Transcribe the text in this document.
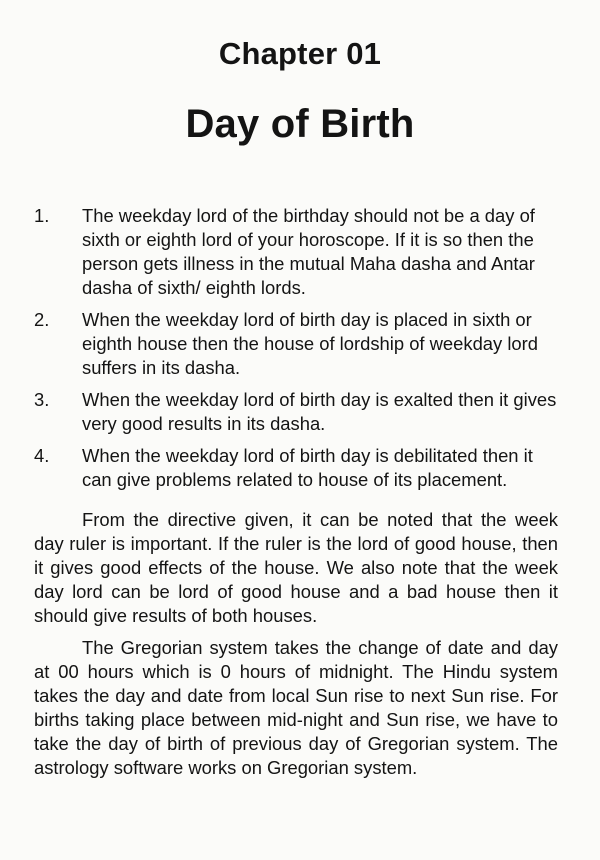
Chapter 01
Day of Birth
1. The weekday lord of the birthday should not be a day of sixth or eighth lord of your horoscope. If it is so then the person gets illness in the mutual Maha dasha and Antar dasha of sixth/ eighth lords.
2. When the weekday lord of birth day is placed in sixth or eighth house then the house of lordship of weekday lord suffers in its dasha.
3. When the weekday lord of birth day is exalted then it gives very good results in its dasha.
4. When the weekday lord of birth day is debilitated then it can give problems related to house of its placement.

From the directive given, it can be noted that the week day ruler is important. If the ruler is the lord of good house, then it gives good effects of the house. We also note that the week day lord can be lord of good house and a bad house then it should give results of both houses.

The Gregorian system takes the change of date and day at 00 hours which is 0 hours of midnight. The Hindu system takes the day and date from local Sun rise to next Sun rise. For births taking place between mid-night and Sun rise, we have to take the day of birth of previous day of Gregorian system. The astrology software works on Gregorian system.
